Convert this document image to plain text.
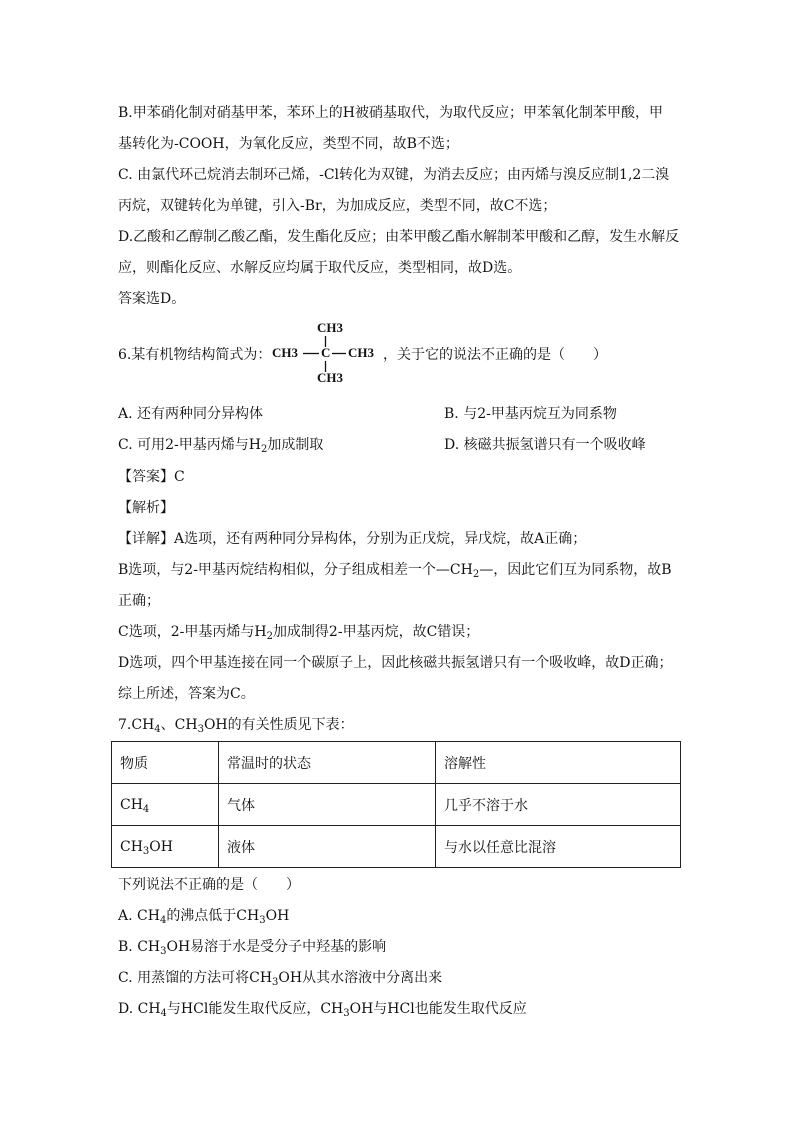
B.甲苯硝化制对硝基甲苯，苯环上的H被硝基取代，为取代反应；甲苯氧化制苯甲酸，甲
基转化为-COOH，为氧化反应，类型不同，故B不选；
C. 由氯代环己烷消去制环己烯，-Cl转化为双键，为消去反应；由丙烯与溴反应制1,2二溴
丙烷，双键转化为单键，引入-Br，为加成反应，类型不同，故C不选；
D.乙酸和乙醇制乙酸乙酯，发生酯化反应；由苯甲酸乙酯水解制苯甲酸和乙醇，发生水解反
应，则酯化反应、水解反应均属于取代反应，类型相同，故D选。
答案选D。
6.某有机物结构简式为：
CH3
CH3 C CH3
CH3
，关于它的说法不正确的是（　　）
A. 还有两种同分异构体	B. 与2-甲基丙烷互为同系物
C. 可用2-甲基丙烯与$H_2$加成制取	D. 核磁共振氢谱只有一个吸收峰
【答案】C
【解析】
【详解】A选项，还有两种同分异构体，分别为正戊烷，异戊烷，故A正确；
B选项，与2-甲基丙烷结构相似，分子组成相差一个$—CH_2—$，因此它们互为同系物，故B
正确；
C选项，2-甲基丙烯与$H_2$加成制得2-甲基丙烷，故C错误；
D选项，四个甲基连接在同一个碳原子上，因此核磁共振氢谱只有一个吸收峰，故D正确；
综上所述，答案为C。
$7.CH_4$、$CH_3OH$的有关性质见下表：
物质	常温时的状态	溶解性
$CH_4$	气体	几乎不溶于水
$CH_3OH$	液体	与水以任意比混溶
下列说法不正确的是（　　）
A. $CH_4$的沸点低于$CH_3OH$
B. $CH_3OH$易溶于水是受分子中羟基的影响
C. 用蒸馏的方法可将$CH_3OH$从其水溶液中分离出来
D. $CH_4$与HCl能发生取代反应，$CH_3OH$与HCl也能发生取代反应
